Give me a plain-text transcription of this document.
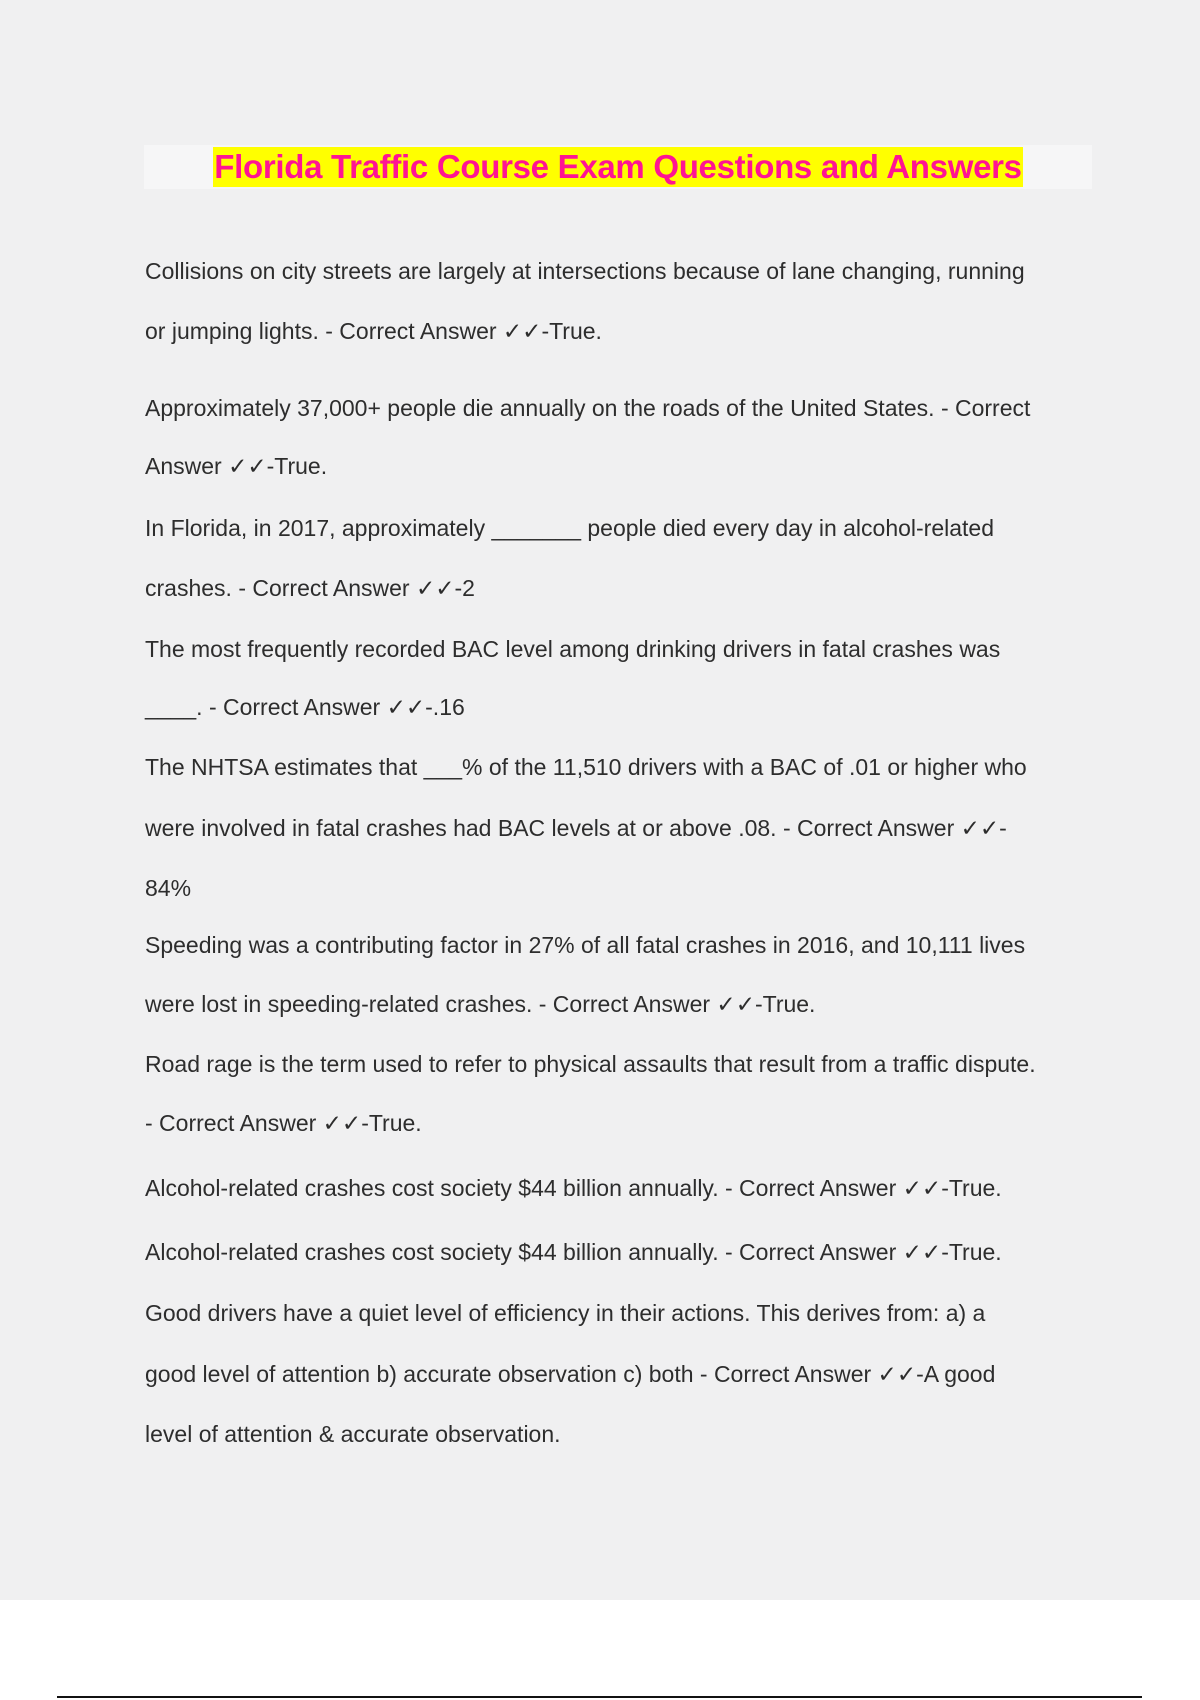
Florida Traffic Course Exam Questions and Answers
Collisions on city streets are largely at intersections because of lane changing, running
or jumping lights. - Correct Answer ✓✓-True.
Approximately 37,000+ people die annually on the roads of the United States. - Correct
Answer ✓✓-True.
In Florida, in 2017, approximately _______ people died every day in alcohol-related
crashes. - Correct Answer ✓✓-2
The most frequently recorded BAC level among drinking drivers in fatal crashes was
____. - Correct Answer ✓✓-.16
The NHTSA estimates that ___% of the 11,510 drivers with a BAC of .01 or higher who
were involved in fatal crashes had BAC levels at or above .08. - Correct Answer ✓✓-
84%
Speeding was a contributing factor in 27% of all fatal crashes in 2016, and 10,111 lives
were lost in speeding-related crashes. - Correct Answer ✓✓-True.
Road rage is the term used to refer to physical assaults that result from a traffic dispute.
- Correct Answer ✓✓-True.
Alcohol-related crashes cost society $44 billion annually. - Correct Answer ✓✓-True.
Alcohol-related crashes cost society $44 billion annually. - Correct Answer ✓✓-True.
Good drivers have a quiet level of efficiency in their actions. This derives from: a) a
good level of attention b) accurate observation c) both - Correct Answer ✓✓-A good
level of attention & accurate observation.
